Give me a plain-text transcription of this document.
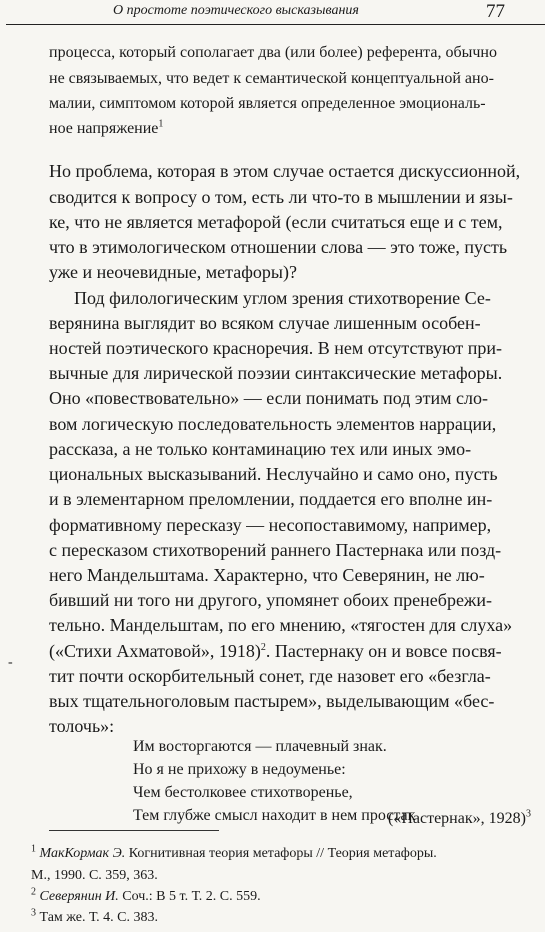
О простоте поэтического высказывания	77
процесса, который сополагает два (или более) референта, обычно
не связываемых, что ведет к семантической концептуальной ано-
малии, симптомом которой является определенное эмоциональ-
ное напряжение$^1$
Но проблема, которая в этом случае остается дискуссионной,
сводится к вопросу о том, есть ли что-то в мышлении и язы-
ке, что не является метафорой (если считаться еще и с тем,
что в этимологическом отношении слова — это тоже, пусть
уже и неочевидные, метафоры)?
Под филологическим углом зрения стихотворение Се-
верянина выглядит во всяком случае лишенным особен-
ностей поэтического красноречия. В нем отсутствуют при-
вычные для лирической поэзии синтаксические метафоры.
Оно «повествовательно» — если понимать под этим сло-
вом логическую последовательность элементов наррации,
рассказа, а не только контаминацию тех или иных эмо-
циональных высказываний. Неслучайно и само оно, пусть
и в элементарном преломлении, поддается его вполне ин-
формативному пересказу — несопоставимому, например,
с пересказом стихотворений раннего Пастернака или позд-
него Мандельштама. Характерно, что Северянин, не лю-
бивший ни того ни другого, упомянет обоих пренебрежи-
тельно. Мандельштам, по его мнению, «тягостен для слуха»
(«Стихи Ахматовой», 1918)$^2$. Пастернаку он и вовсе посвя-
тит почти оскорбительный сонет, где назовет его «безгла-
вых тщательноголовым пастырем», выделывающим «бес-
толочь»:
-
Им восторгаются — плачевный знак.
Но я не прихожу в недоуменье:
Чем бестолковее стихотворенье,
Тем глубже смысл находит в нем простак
(«Пастернак», 1928)$^3$
$^1$ МакКормак Э. Когнитивная теория метафоры // Теория метафоры.
М., 1990. С. 359, 363.
$^2$ Северянин И. Соч.: В 5 т. Т. 2. С. 559.
$^3$ Там же. Т. 4. С. 383.
